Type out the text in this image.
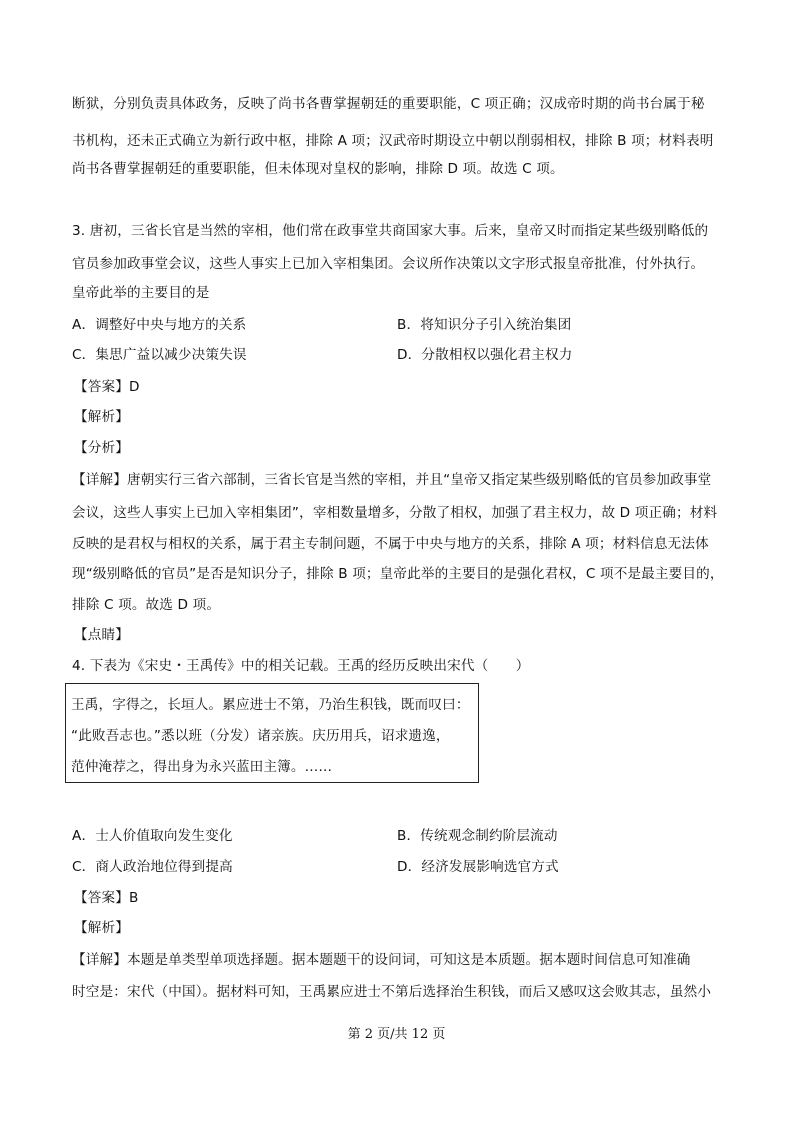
断狱，分别负责具体政务，反映了尚书各曹掌握朝廷的重要职能，C 项正确；汉成帝时期的尚书台属于秘
书机构，还未正式确立为新行政中枢，排除 A 项；汉武帝时期设立中朝以削弱相权，排除 B 项；材料表明
尚书各曹掌握朝廷的重要职能，但未体现对皇权的影响，排除 D 项。故选 C 项。
3. 唐初，三省长官是当然的宰相，他们常在政事堂共商国家大事。后来，皇帝又时而指定某些级别略低的
官员参加政事堂会议，这些人事实上已加入宰相集团。会议所作决策以文字形式报皇帝批准，付外执行。
皇帝此举的主要目的是
A．调整好中央与地方的关系	B．将知识分子引入统治集团
C．集思广益以减少决策失误	D．分散相权以强化君主权力
【答案】D
【解析】
【分析】
【详解】唐朝实行三省六部制，三省长官是当然的宰相，并且“皇帝又指定某些级别略低的官员参加政事堂
会议，这些人事实上已加入宰相集团”，宰相数量增多，分散了相权，加强了君主权力，故 D 项正确；材料
反映的是君权与相权的关系，属于君主专制问题，不属于中央与地方的关系，排除 A 项；材料信息无法体
现“级别略低的官员”是否是知识分子，排除 B 项；皇帝此举的主要目的是强化君权，C 项不是最主要目的，
排除 C 项。故选 D 项。
【点睛】
4. 下表为《宋史・王禹传》中的相关记载。王禹的经历反映出宋代（　　）
王禹，字得之，长垣人。累应进士不第，乃治生积钱，既而叹曰：
“此败吾志也。”悉以班（分发）诸亲族。庆历用兵，诏求遗逸，
范仲淹荐之，得出身为永兴蓝田主簿。……
A．士人价值取向发生变化	B．传统观念制约阶层流动
C．商人政治地位得到提高	D．经济发展影响选官方式
【答案】B
【解析】
【详解】本题是单类型单项选择题。据本题题干的设问词，可知这是本质题。据本题时间信息可知准确
时空是：宋代（中国）。据材料可知，王禹累应进士不第后选择治生积钱，而后又感叹这会败其志，虽然小
第 2 页/共 12 页
